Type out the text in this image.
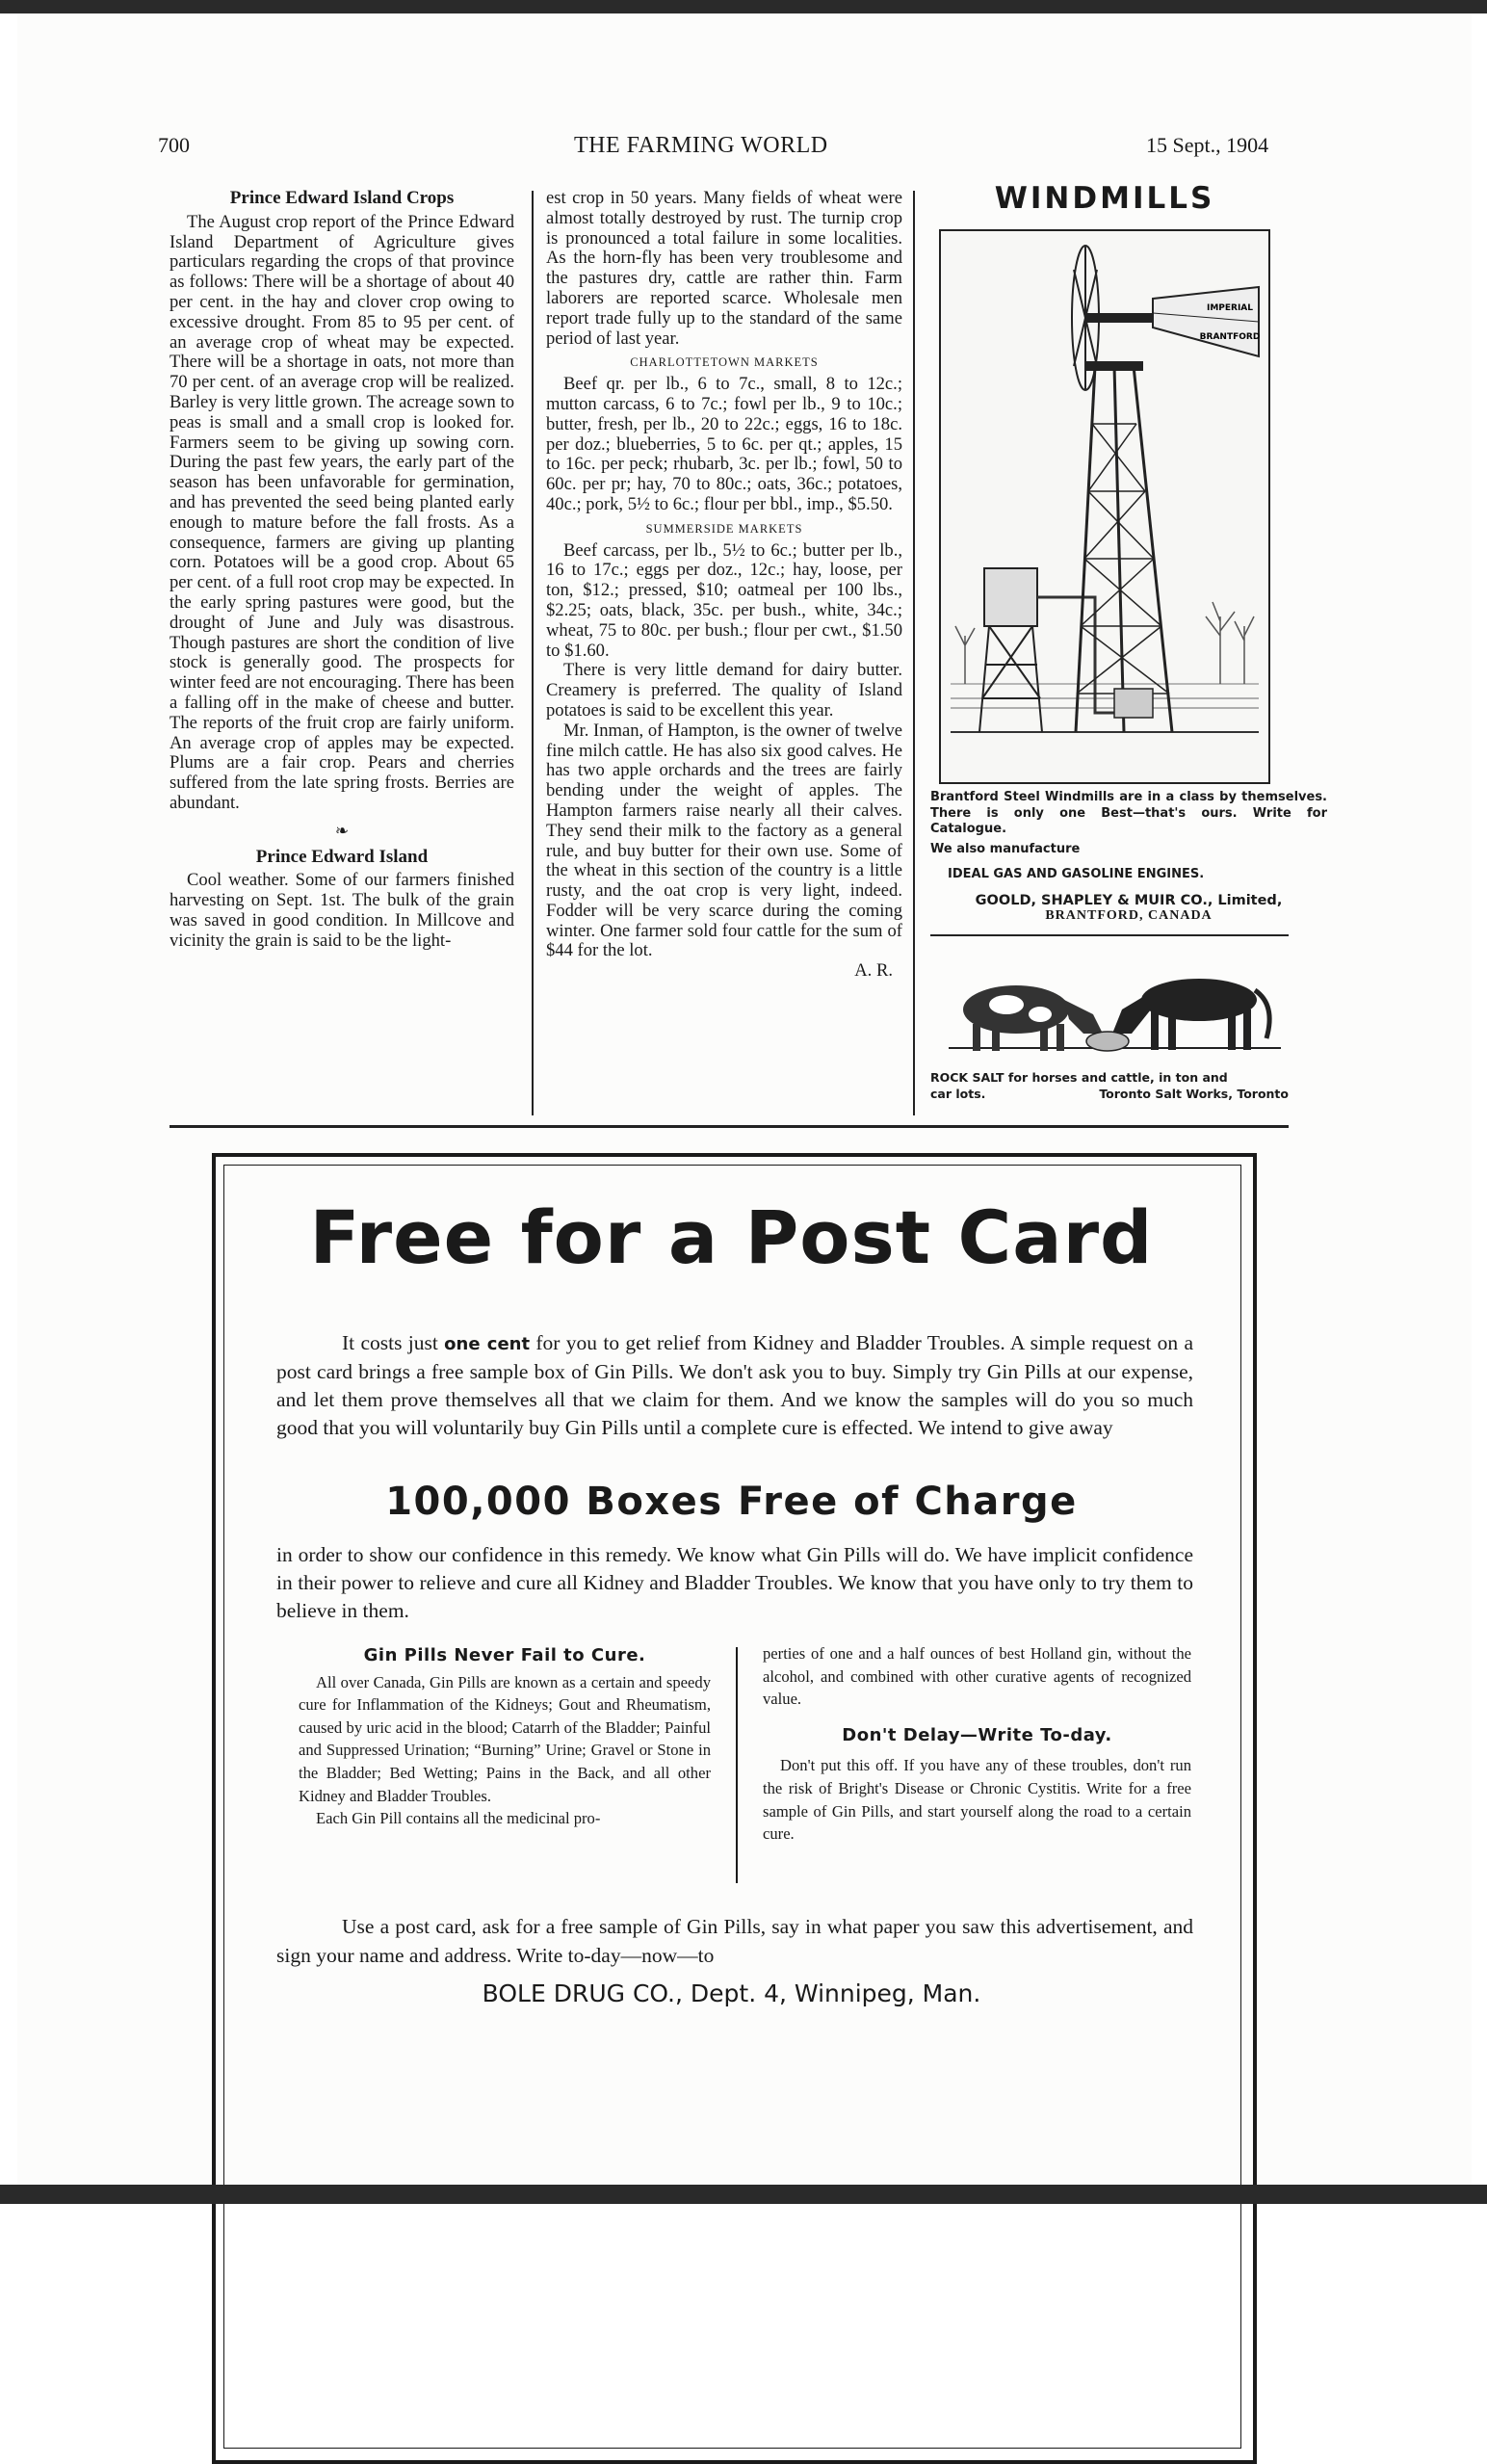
700	THE FARMING WORLD	15 Sept., 1904
Prince Edward Island Crops

The August crop report of the Prince Edward Island Department of Agriculture gives particulars regarding the crops of that province as follows: There will be a shortage of about 40 per cent. in the hay and clover crop owing to excessive drought. From 85 to 95 per cent. of an average crop of wheat may be expected. There will be a shortage in oats, not more than 70 per cent. of an average crop will be realized. Barley is very little grown. The acreage sown to peas is small and a small crop is looked for. Farmers seem to be giving up sowing corn. During the past few years, the early part of the season has been unfavorable for germination, and has prevented the seed being planted early enough to mature before the fall frosts. As a consequence, farmers are giving up planting corn. Potatoes will be a good crop. About 65 per cent. of a full root crop may be expected. In the early spring pastures were good, but the drought of June and July was disastrous. Though pastures are short the condition of live stock is generally good. The prospects for winter feed are not encouraging. There has been a falling off in the make of cheese and butter. The reports of the fruit crop are fairly uniform. An average crop of apples may be expected. Plums are a fair crop. Pears and cherries suffered from the late spring frosts. Berries are abundant.

❧
Prince Edward Island

Cool weather. Some of our farmers finished harvesting on Sept. 1st. The bulk of the grain was saved in good condition. In Millcove and vicinity the grain is said to be the light-

est crop in 50 years. Many fields of wheat were almost totally destroyed by rust. The turnip crop is pronounced a total failure in some localities. As the horn-fly has been very troublesome and the pastures dry, cattle are rather thin. Farm laborers are reported scarce. Wholesale men report trade fully up to the standard of the same period of last year.

CHARLOTTETOWN MARKETS

Beef qr. per lb., 6 to 7c., small, 8 to 12c.; mutton carcass, 6 to 7c.; fowl per lb., 9 to 10c.; butter, fresh, per lb., 20 to 22c.; eggs, 16 to 18c. per doz.; blueberries, 5 to 6c. per qt.; apples, 15 to 16c. per peck; rhubarb, 3c. per lb.; fowl, 50 to 60c. per pr; hay, 70 to 80c.; oats, 36c.; potatoes, 40c.; pork, 5½ to 6c.; flour per bbl., imp., $5.50.

SUMMERSIDE MARKETS

Beef carcass, per lb., 5½ to 6c.; butter per lb., 16 to 17c.; eggs per doz., 12c.; hay, loose, per ton, $12.; pressed, $10; oatmeal per 100 lbs., $2.25; oats, black, 35c. per bush., white, 34c.; wheat, 75 to 80c. per bush.; flour per cwt., $1.50 to $1.60.

There is very little demand for dairy butter. Creamery is preferred. The quality of Island potatoes is said to be excellent this year.

Mr. Inman, of Hampton, is the owner of twelve fine milch cattle. He has also six good calves. He has two apple orchards and the trees are fairly bending under the weight of apples. The Hampton farmers raise nearly all their calves. They send their milk to the factory as a general rule, and buy butter for their own use. Some of the wheat in this section of the country is a little rusty, and the oat crop is very light, indeed. Fodder will be very scarce during the coming winter. One farmer sold four cattle for the sum of $44 for the lot.

A. R.

WINDMILLS
IMPERIAL
BRANTFORD
Brantford Steel Windmills are in a class by themselves. There is only one Best—that's ours. Write for Catalogue.
We also manufacture
IDEAL GAS AND GASOLINE ENGINES.
GOOLD, SHAPLEY & MUIR CO., Limited,
BRANTFORD, CANADA
ROCK SALT for horses and cattle, in ton and
car lots.	Toronto Salt Works, Toronto
Free for a Post Card
It costs just one cent for you to get relief from Kidney and Bladder Troubles. A simple request on a post card brings a free sample box of Gin Pills. We don't ask you to buy. Simply try Gin Pills at our expense, and let them prove themselves all that we claim for them. And we know the samples will do you so much good that you will voluntarily buy Gin Pills until a complete cure is effected. We intend to give away
100,000 Boxes Free of Charge
in order to show our confidence in this remedy. We know what Gin Pills will do. We have implicit confidence in their power to relieve and cure all Kidney and Bladder Troubles. We know that you have only to try them to believe in them.
Gin Pills Never Fail to Cure.

All over Canada, Gin Pills are known as a certain and speedy cure for Inflammation of the Kidneys; Gout and Rheumatism, caused by uric acid in the blood; Catarrh of the Bladder; Painful and Suppressed Urination; “Burning” Urine; Gravel or Stone in the Bladder; Bed Wetting; Pains in the Back, and all other Kidney and Bladder Troubles.

Each Gin Pill contains all the medicinal pro-

perties of one and a half ounces of best Holland gin, without the alcohol, and combined with other curative agents of recognized value.

Don't Delay—Write To-day.

Don't put this off. If you have any of these troubles, don't run the risk of Bright's Disease or Chronic Cystitis. Write for a free sample of Gin Pills, and start yourself along the road to a certain cure.

Use a post card, ask for a free sample of Gin Pills, say in what paper you saw this advertisement, and sign your name and address. Write to-day—now—to
BOLE DRUG CO., Dept. 4, Winnipeg, Man.
